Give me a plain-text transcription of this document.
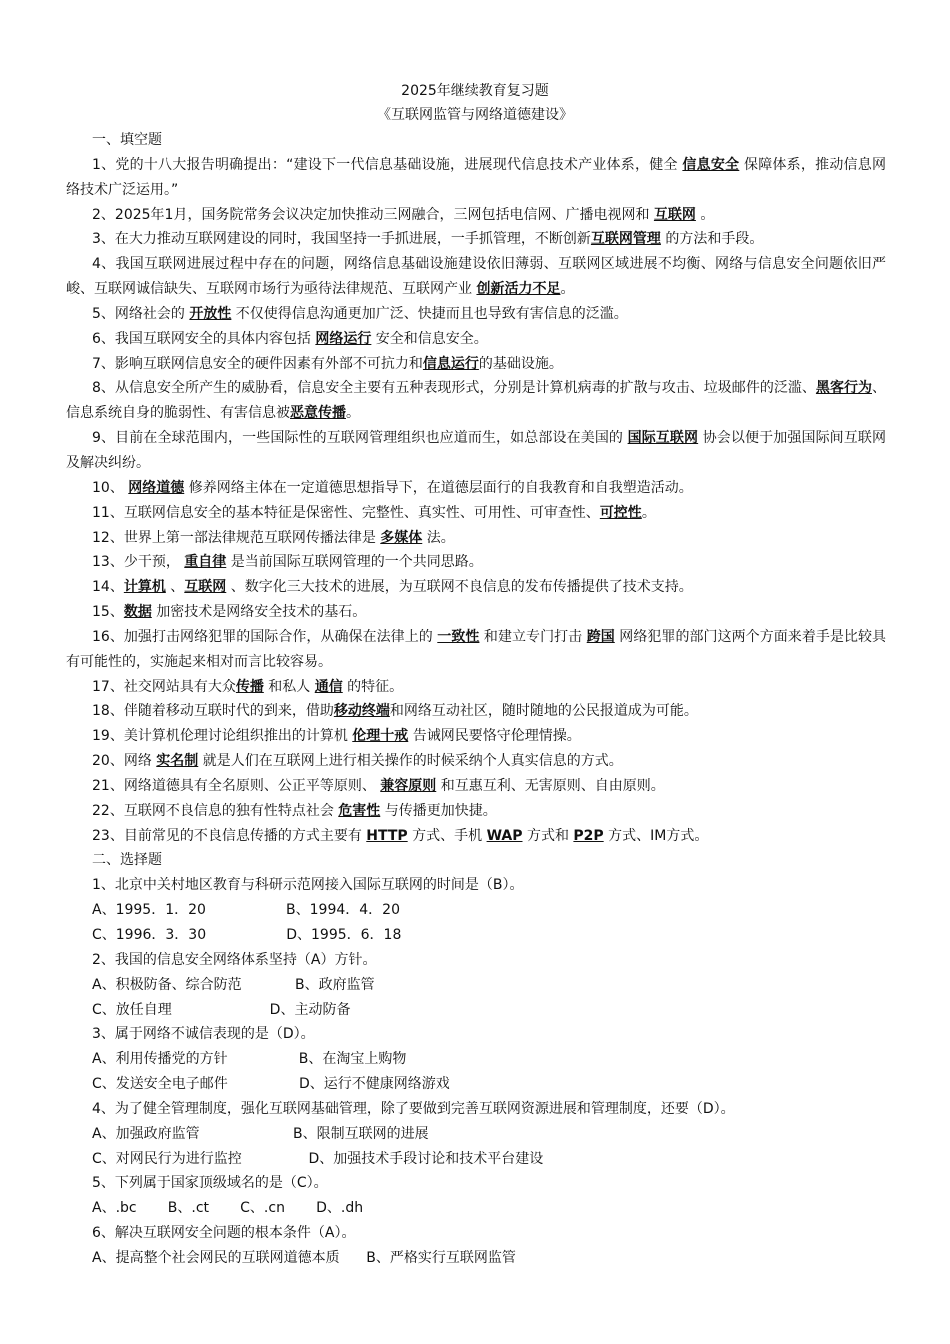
2025年继续教育复习题
《互联网监管与网络道德建设》

一、填空题

1、党的十八大报告明确提出：“建设下一代信息基础设施，进展现代信息技术产业体系，健全 信息安全 保障体系，推动信息网络技术广泛运用。”

2、2025年1月，国务院常务会议决定加快推动三网融合，三网包括电信网、广播电视网和 互联网 。

3、在大力推动互联网建设的同时，我国坚持一手抓进展，一手抓管理，不断创新互联网管理 的方法和手段。

4、我国互联网进展过程中存在的问题，网络信息基础设施建设依旧薄弱、互联网区域进展不均衡、网络与信息安全问题依旧严峻、互联网诚信缺失、互联网市场行为亟待法律规范、互联网产业 创新活力不足。

5、网络社会的 开放性 不仅使得信息沟通更加广泛、快捷而且也导致有害信息的泛滥。

6、我国互联网安全的具体内容包括 网络运行 安全和信息安全。

7、影响互联网信息安全的硬件因素有外部不可抗力和信息运行的基础设施。

8、从信息安全所产生的威胁看，信息安全主要有五种表现形式，分别是计算机病毒的扩散与攻击、垃圾邮件的泛滥、黑客行为、信息系统自身的脆弱性、有害信息被恶意传播。

9、目前在全球范围内，一些国际性的互联网管理组织也应道而生，如总部设在美国的 国际互联网 协会以便于加强国际间互联网及解决纠纷。

10、 网络道德 修养网络主体在一定道德思想指导下，在道德层面行的自我教育和自我塑造活动。

11、互联网信息安全的基本特征是保密性、完整性、真实性、可用性、可审查性、可控性。

12、世界上第一部法律规范互联网传播法律是 多媒体 法。

13、少干预， 重自律 是当前国际互联网管理的一个共同思路。

14、计算机 、互联网 、数字化三大技术的进展，为互联网不良信息的发布传播提供了技术支持。

15、数据 加密技术是网络安全技术的基石。

16、加强打击网络犯罪的国际合作，从确保在法律上的 一致性 和建立专门打击 跨国 网络犯罪的部门这两个方面来着手是比较具有可能性的，实施起来相对而言比较容易。

17、社交网站具有大众传播 和私人 通信 的特征。

18、伴随着移动互联时代的到来，借助移动终端和网络互动社区，随时随地的公民报道成为可能。

19、美计算机伦理讨论组织推出的计算机 伦理十戒 告诫网民要恪守伦理情操。

20、网络 实名制 就是人们在互联网上进行相关操作的时候采纳个人真实信息的方式。

21、网络道德具有全名原则、公正平等原则、 兼容原则 和互惠互利、无害原则、自由原则。

22、互联网不良信息的独有性特点社会 危害性 与传播更加快捷。

23、目前常见的不良信息传播的方式主要有 HTTP 方式、手机 WAP 方式和 P2P 方式、IM方式。

二、选择题

1、北京中关村地区教育与科研示范网接入国际互联网的时间是（B）。

A、1995．1．20                  B、1994．4．20

C、1996．3．30                  D、1995．6．18

2、我国的信息安全网络体系坚持（A）方针。

A、积极防备、综合防范            B、政府监管

C、放任自理                      D、主动防备

3、属于网络不诚信表现的是（D）。

A、利用传播党的方针                B、在淘宝上购物

C、发送安全电子邮件                D、运行不健康网络游戏

4、为了健全管理制度，强化互联网基础管理，除了要做到完善互联网资源进展和管理制度，还要（D）。

A、加强政府监管                     B、限制互联网的进展

C、对网民行为进行监控               D、加强技术手段讨论和技术平台建设

5、下列属于国家顶级域名的是（C）。

A、.bc       B、.ct       C、.cn       D、.dh

6、解决互联网安全问题的根本条件（A）。

A、提高整个社会网民的互联网道德本质      B、严格实行互联网监管
